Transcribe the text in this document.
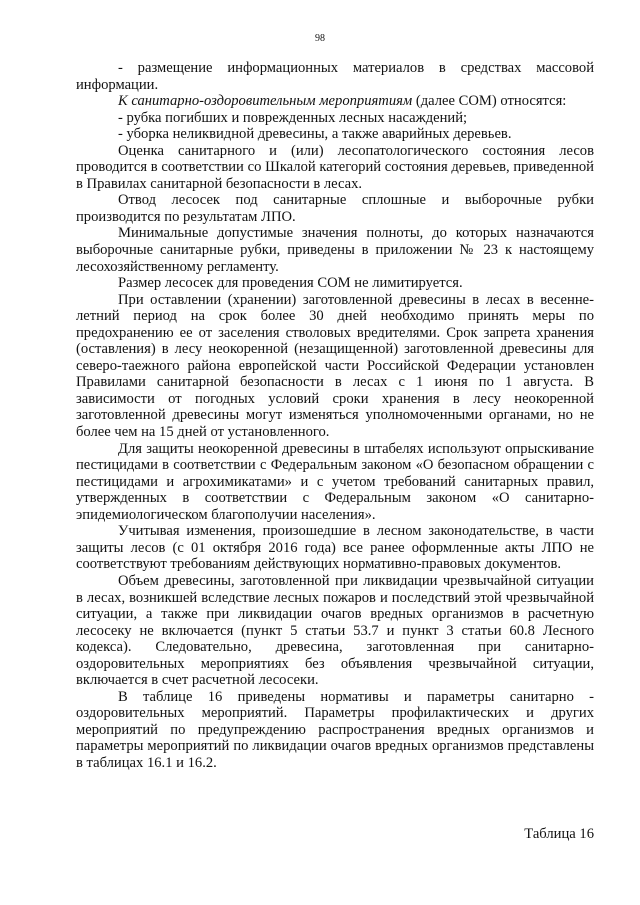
98

- размещение информационных материалов в средствах массовой информации.

К санитарно-оздоровительным мероприятиям (далее СОМ) относятся:

- рубка погибших и поврежденных лесных насаждений;

- уборка неликвидной древесины, а также аварийных деревьев.

Оценка санитарного и (или) лесопатологического состояния лесов проводится в соответствии со Шкалой категорий состояния деревьев, приведенной в Правилах санитарной безопасности в лесах.

Отвод лесосек под санитарные сплошные и выборочные рубки производится по результатам ЛПО.

Минимальные допустимые значения полноты, до которых назначаются выборочные санитарные рубки, приведены в приложении № 23 к настоящему лесохозяйственному регламенту.

Размер лесосек для проведения СОМ не лимитируется.

При оставлении (хранении) заготовленной древесины в лесах в весенне-летний период на срок более 30 дней необходимо принять меры по предохранению ее от заселения стволовых вредителями. Срок запрета хранения (оставления) в лесу неокоренной (незащищенной) заготовленной древесины для северо-таежного района европейской части Российской Федерации установлен Правилами санитарной безопасности в лесах с 1 июня по 1 августа. В зависимости от погодных условий сроки хранения в лесу неокоренной заготовленной древесины могут изменяться уполномоченными органами, но не более чем на 15 дней от установленного.

Для защиты неокоренной древесины в штабелях используют опрыскивание пестицидами в соответствии с Федеральным законом «О безопасном обращении с пестицидами и агрохимикатами» и с учетом требований санитарных правил, утвержденных в соответствии с Федеральным законом «О санитарно-эпидемиологическом благополучии населения».

Учитывая изменения, произошедшие в лесном законодательстве, в части защиты лесов (с 01 октября 2016 года) все ранее оформленные акты ЛПО не соответствуют требованиям действующих нормативно-правовых документов.

Объем древесины, заготовленной при ликвидации чрезвычайной ситуации в лесах, возникшей вследствие лесных пожаров и последствий этой чрезвычайной ситуации, а также при ликвидации очагов вредных организмов в расчетную лесосеку не включается (пункт 5 статьи 53.7 и пункт 3 статьи 60.8 Лесного кодекса). Следовательно, древесина, заготовленная при санитарно-оздоровительных мероприятиях без объявления чрезвычайной ситуации, включается в счет расчетной лесосеки.

В таблице 16 приведены нормативы и параметры санитарно - оздоровительных мероприятий. Параметры профилактических и других мероприятий по предупреждению распространения вредных организмов и параметры мероприятий по ликвидации очагов вредных организмов представлены в таблицах 16.1 и 16.2.

Таблица 16
